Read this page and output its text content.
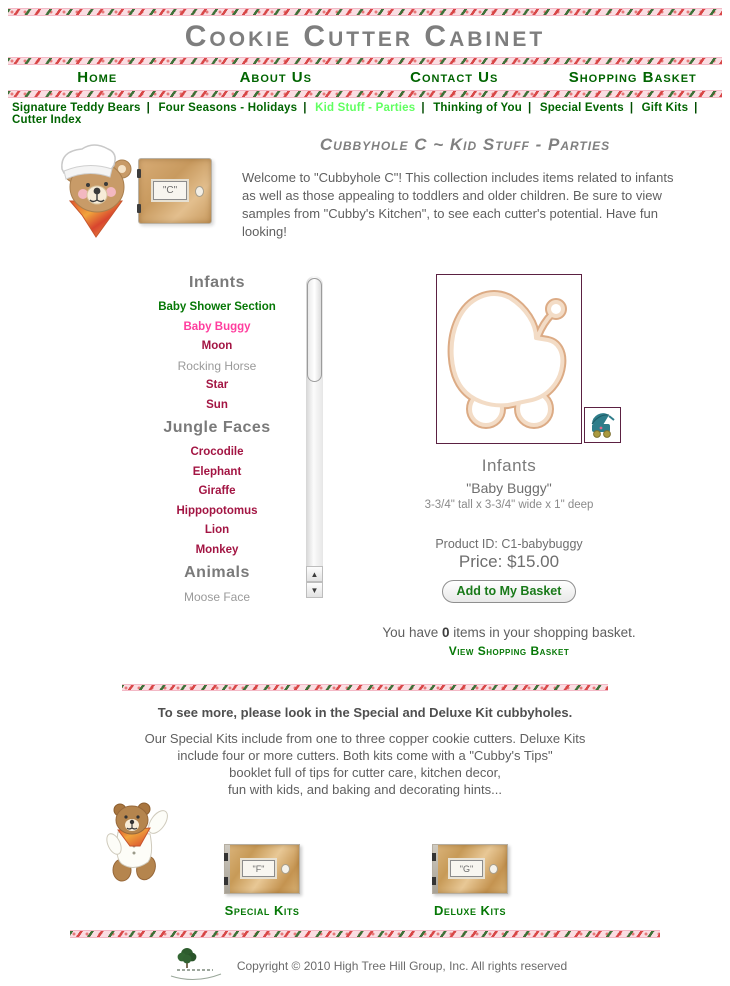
Cookie Cutter Cabinet
Home	About Us	Contact Us	Shopping Basket
Signature Teddy Bears | Four Seasons - Holidays | Kid Stuff - Parties | Thinking of You | Special Events | Gift Kits | Cutter Index
"C"
Cubbyhole C ~ Kid Stuff - Parties
Welcome to "Cubbyhole C"! This collection includes items related to infants as well as those appealing to toddlers and older children. Be sure to view samples from "Cubby's Kitchen", to see each cutter's potential. Have fun looking!
Infants
Baby Shower Section
Baby Buggy
Moon
Rocking Horse
Star
Sun
Jungle Faces
Crocodile
Elephant
Giraffe
Hippopotomus
Lion
Monkey
Animals
Moose Face
▲
▼
Infants
"Baby Buggy"
3-3/4" tall x 3-3/4" wide x 1" deep
Product ID: C1-babybuggy
Price: $15.00
Add to My Basket
You have 0 items in your shopping basket.
View Shopping Basket
To see more, please look in the Special and Deluxe Kit cubbyholes.
Our Special Kits include from one to three copper cookie cutters. Deluxe Kits
include four or more cutters. Both kits come with a "Cubby's Tips"
booklet full of tips for cutter care, kitchen decor,
fun with kids, and baking and decorating hints...
"F"	"G"
Special Kits	Deluxe Kits
Copyright © 2010 High Tree Hill Group, Inc. All rights reserved
